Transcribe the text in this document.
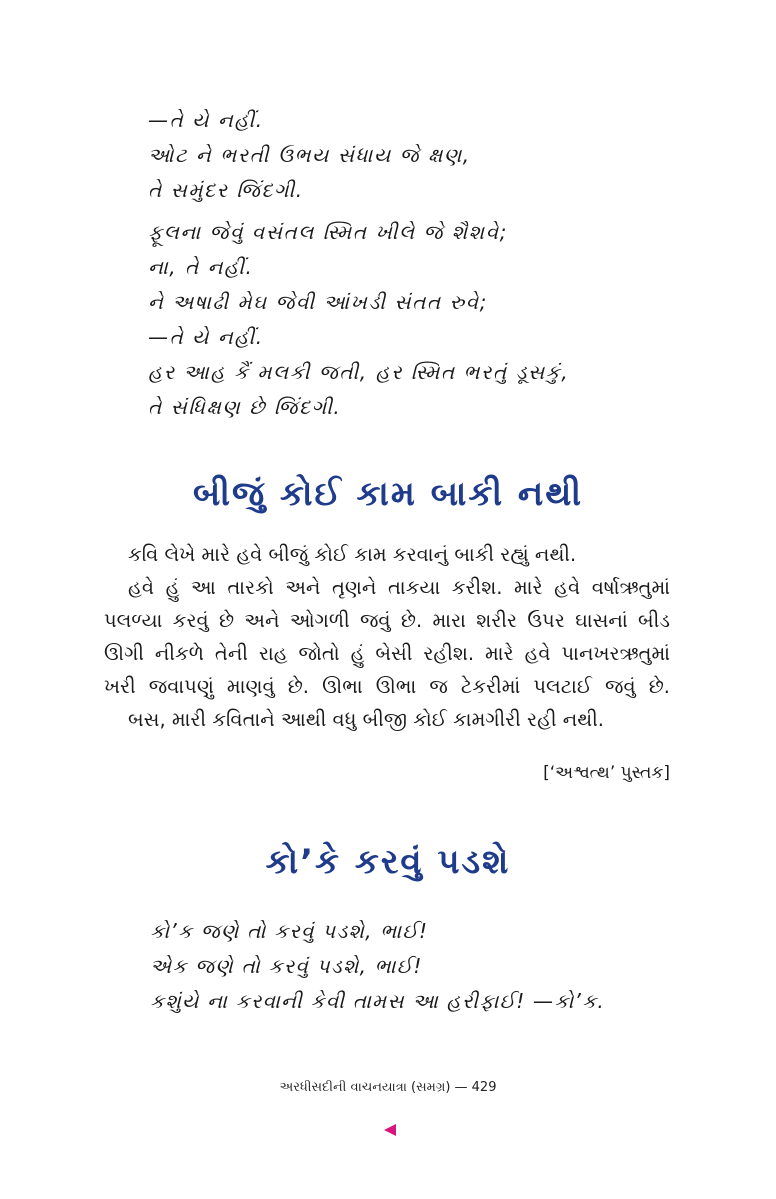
—તે યે નહીં.
ઓટ ને ભરતી ઉભય સંધાય જે ક્ષણ,
તે સમુંદર જિંદગી.
ફૂલના જેવું વસંતલ સ્મિત ખીલે જે શૈશવે;
ના, તે નહીં.
ને અષાઢી મેઘ જેવી આંખડી સંતત રુવે;
—તે યે નહીં.
હર આહ કૈં મલકી જતી, હર સ્મિત ભરતું ડૂસકું,
તે સંધિક્ષણ છે જિંદગી.
બીજું કોઈ કામ બાકી નથી
કવિ લેખે મારે હવે બીજું કોઈ કામ કરવાનું બાકી રહ્યું નથી.
હવે હું આ તારકો અને તૃણને તાકયા કરીશ. મારે હવે વર્ષાઋતુમાં
પલળ્યા કરવું છે અને ઓગળી જવું છે. મારા શરીર ઉપર ઘાસનાં બીડ
ઊગી નીકળે તેની રાહ જોતો હું બેસી રહીશ. મારે હવે પાનખરઋતુમાં
ખરી જવાપણું માણવું છે. ઊભા ઊભા જ ટેકરીમાં પલટાઈ જવું છે.
બસ, મારી કવિતાને આથી વધુ બીજી કોઈ કામગીરી રહી નથી.
[‘અશ્વત્થ’ પુસ્તક]
કો’કે કરવું પડશે
કો’ક જણે તો કરવું પડશે, ભાઈ!
એક જણે તો કરવું પડશે, ભાઈ!
કશુંયે ના કરવાની કેવી તામસ આ હરીફાઈ! —કો’ક.
અરધીસદીની વાચનયાત્રા (સમગ્ર) — 429
